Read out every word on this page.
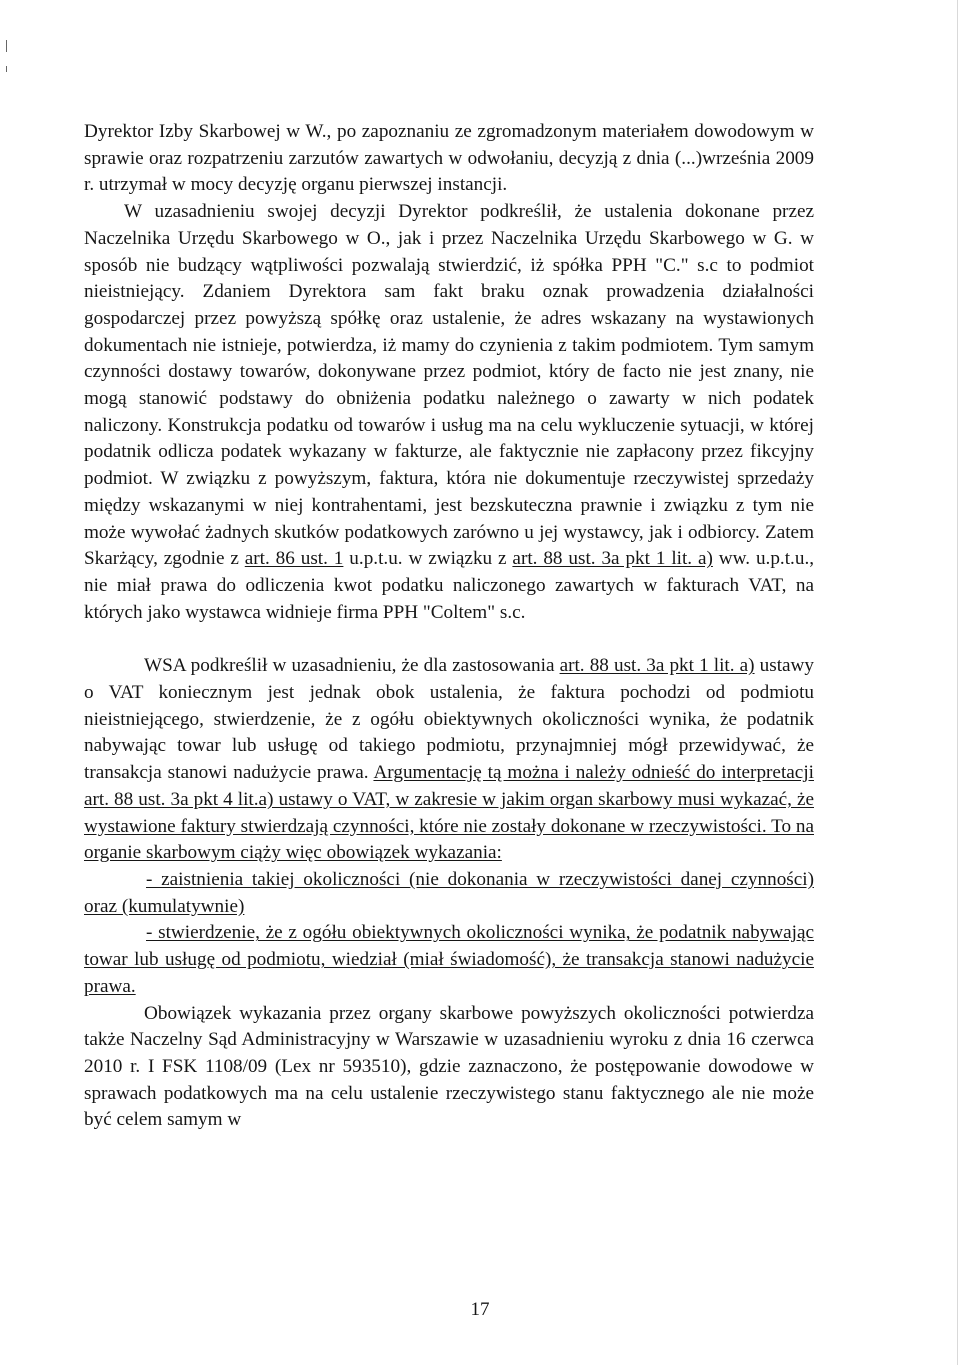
Dyrektor Izby Skarbowej w W., po zapoznaniu ze zgromadzonym materiałem dowodowym w sprawie oraz rozpatrzeniu zarzutów zawartych w odwołaniu, decyzją z dnia (...)września 2009 r. utrzymał w mocy decyzję organu pierwszej instancji.

W uzasadnieniu swojej decyzji Dyrektor podkreślił, że ustalenia dokonane przez Naczelnika Urzędu Skarbowego w O., jak i przez Naczelnika Urzędu Skarbowego w G. w sposób nie budzący wątpliwości pozwalają stwierdzić, iż spółka PPH "C." s.c to podmiot nieistniejący. Zdaniem Dyrektora sam fakt braku oznak prowadzenia działalności gospodarczej przez powyższą spółkę oraz ustalenie, że adres wskazany na wystawionych dokumentach nie istnieje, potwierdza, iż mamy do czynienia z takim podmiotem. Tym samym czynności dostawy towarów, dokonywane przez podmiot, który de facto nie jest znany, nie mogą stanowić podstawy do obniżenia podatku należnego o zawarty w nich podatek naliczony. Konstrukcja podatku od towarów i usług ma na celu wykluczenie sytuacji, w której podatnik odlicza podatek wykazany w fakturze, ale faktycznie nie zapłacony przez fikcyjny podmiot. W związku z powyższym, faktura, która nie dokumentuje rzeczywistej sprzedaży między wskazanymi w niej kontrahentami, jest bezskuteczna prawnie i związku z tym nie może wywołać żadnych skutków podatkowych zarówno u jej wystawcy, jak i odbiorcy. Zatem Skarżący, zgodnie z art. 86 ust. 1 u.p.t.u. w związku z art. 88 ust. 3a pkt 1 lit. a) ww. u.p.t.u., nie miał prawa do odliczenia kwot podatku naliczonego zawartych w fakturach VAT, na których jako wystawca widnieje firma PPH "Coltem" s.c.

WSA podkreślił w uzasadnieniu, że dla zastosowania art. 88 ust. 3a pkt 1 lit. a) ustawy o VAT koniecznym jest jednak obok ustalenia, że faktura pochodzi od podmiotu nieistniejącego, stwierdzenie, że z ogółu obiektywnych okoliczności wynika, że podatnik nabywając towar lub usługę od takiego podmiotu, przynajmniej mógł przewidywać, że transakcja stanowi nadużycie prawa. Argumentację tą można i należy odnieść do interpretacji art. 88 ust. 3a pkt 4 lit.a) ustawy o VAT, w zakresie w jakim organ skarbowy musi wykazać, że wystawione faktury stwierdzają czynności, które nie zostały dokonane w rzeczywistości. To na organie skarbowym ciąży więc obowiązek wykazania:

- zaistnienia takiej okoliczności (nie dokonania w rzeczywistości danej czynności) oraz (kumulatywnie)

- stwierdzenie, że z ogółu obiektywnych okoliczności wynika, że podatnik nabywając towar lub usługę od podmiotu, wiedział (miał świadomość), że transakcja stanowi nadużycie prawa.

Obowiązek wykazania przez organy skarbowe powyższych okoliczności potwierdza także Naczelny Sąd Administracyjny w Warszawie w uzasadnieniu wyroku z dnia 16 czerwca 2010 r. I FSK 1108/09 (Lex nr 593510), gdzie zaznaczono, że postępowanie dowodowe w sprawach podatkowych ma na celu ustalenie rzeczywistego stanu faktycznego ale nie może być celem samym w

17
